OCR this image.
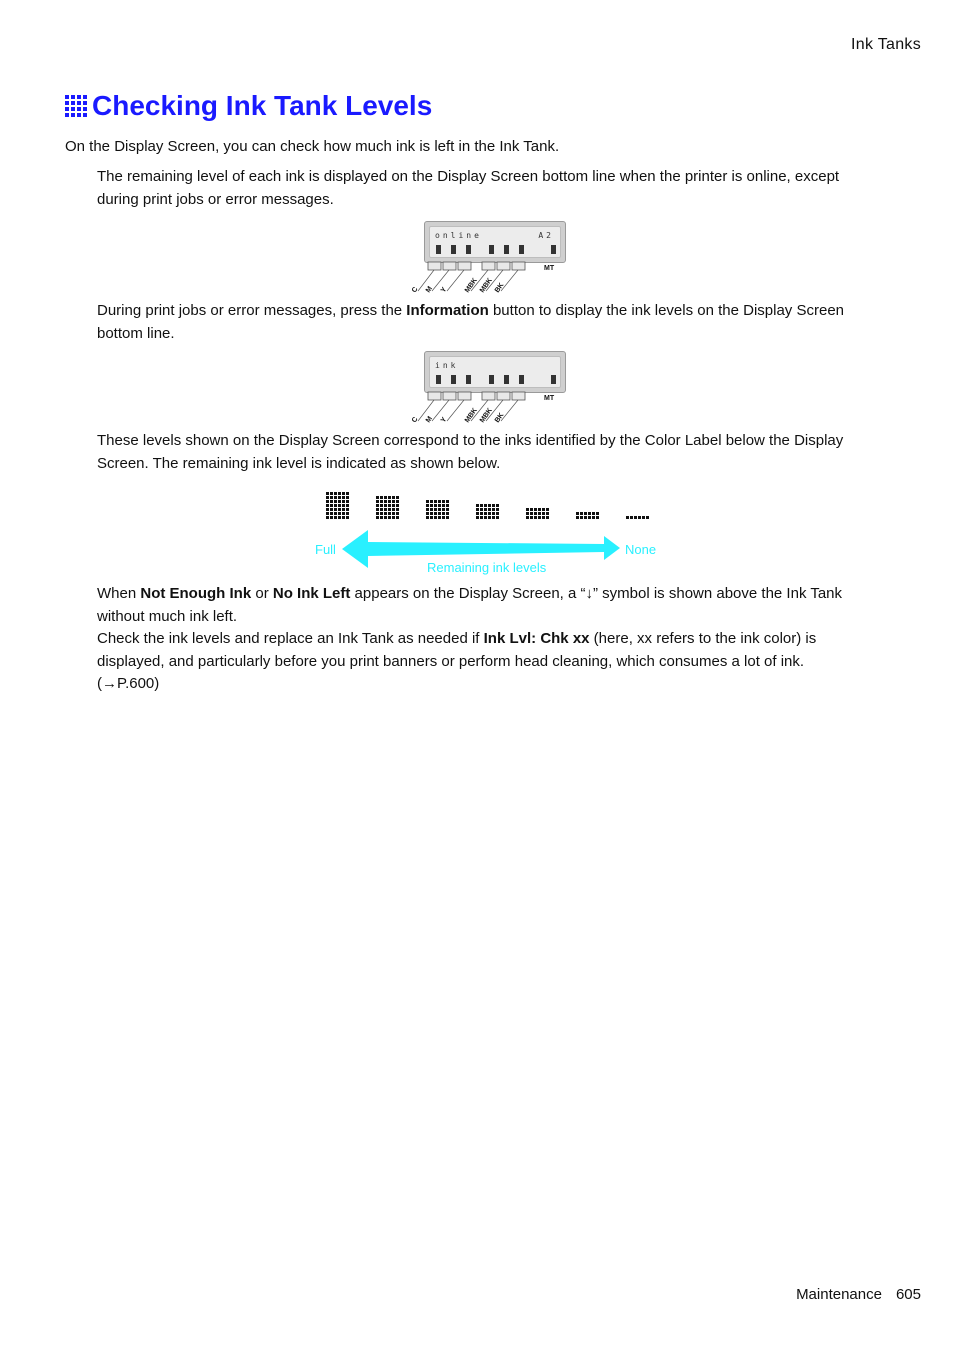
Ink Tanks
Checking Ink Tank Levels
On the Display Screen, you can check how much ink is left in the Ink Tank.
The remaining level of each ink is displayed on the Display Screen bottom line when the printer is online, except during print jobs or error messages.
online	A2
C M Y MBK MBK BK
MT
During print jobs or error messages, press the Information button to display the ink levels on the Display Screen bottom line.
ink
C M Y MBK MBK BK
MT
These levels shown on the Display Screen correspond to the inks identified by the Color Label below the Display Screen. The remaining ink level is indicated as shown below.
Full	None
Remaining ink levels
When Not Enough Ink or No Ink Left appears on the Display Screen, a “↓” symbol is shown above the Ink Tank without much ink left.
Check the ink levels and replace an Ink Tank as needed if Ink Lvl: Chk xx (here, xx refers to the ink color) is displayed, and particularly before you print banners or perform head cleaning, which consumes a lot of ink. (→P.600)
Maintenance 605
